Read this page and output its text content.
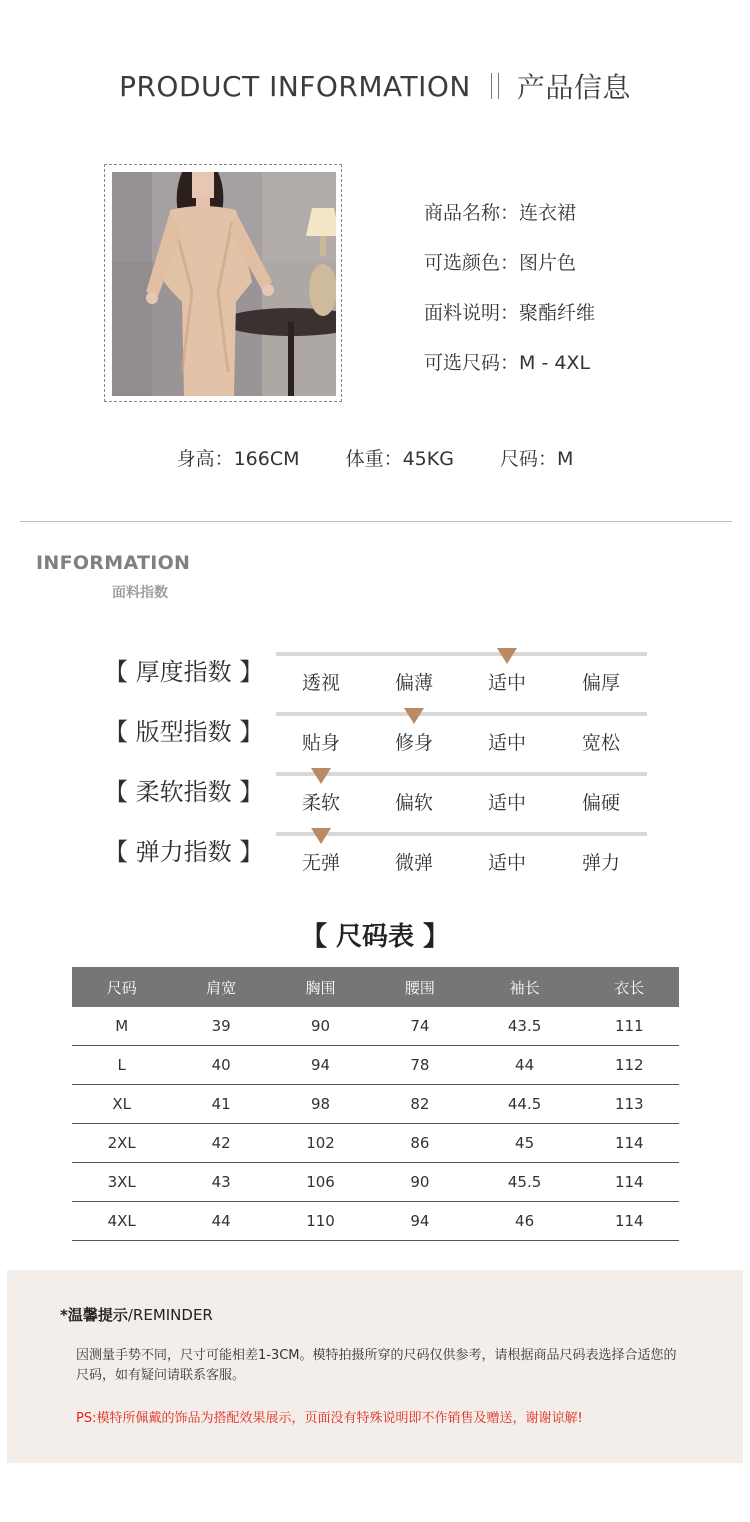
PRODUCT INFORMATION 产品信息
商品名称：连衣裙
可选颜色：图片色
面料说明：聚酯纤维
可选尺码：M - 4XL
身高：166CM 体重：45KG 尺码：M
INFORMATION
面料指数
【 厚度指数 】	透视	偏薄	适中	偏厚
【 版型指数 】	贴身	修身	适中	宽松
【 柔软指数 】	柔软	偏软	适中	偏硬
【 弹力指数 】	无弹	微弹	适中	弹力
【 尺码表 】
尺码	肩宽	胸围	腰围	袖长	衣长
M	39	90	74	43.5	111
L	40	94	78	44	112
XL	41	98	82	44.5	113
2XL	42	102	86	45	114
3XL	43	106	90	45.5	114
4XL	44	110	94	46	114
*温馨提示/REMINDER
因测量手势不同，尺寸可能相差1-3CM。模特拍摄所穿的尺码仅供参考，请根据商品尺码表选择合适您的尺码，如有疑问请联系客服。
PS:模特所佩戴的饰品为搭配效果展示，页面没有特殊说明即不作销售及赠送，谢谢谅解!
